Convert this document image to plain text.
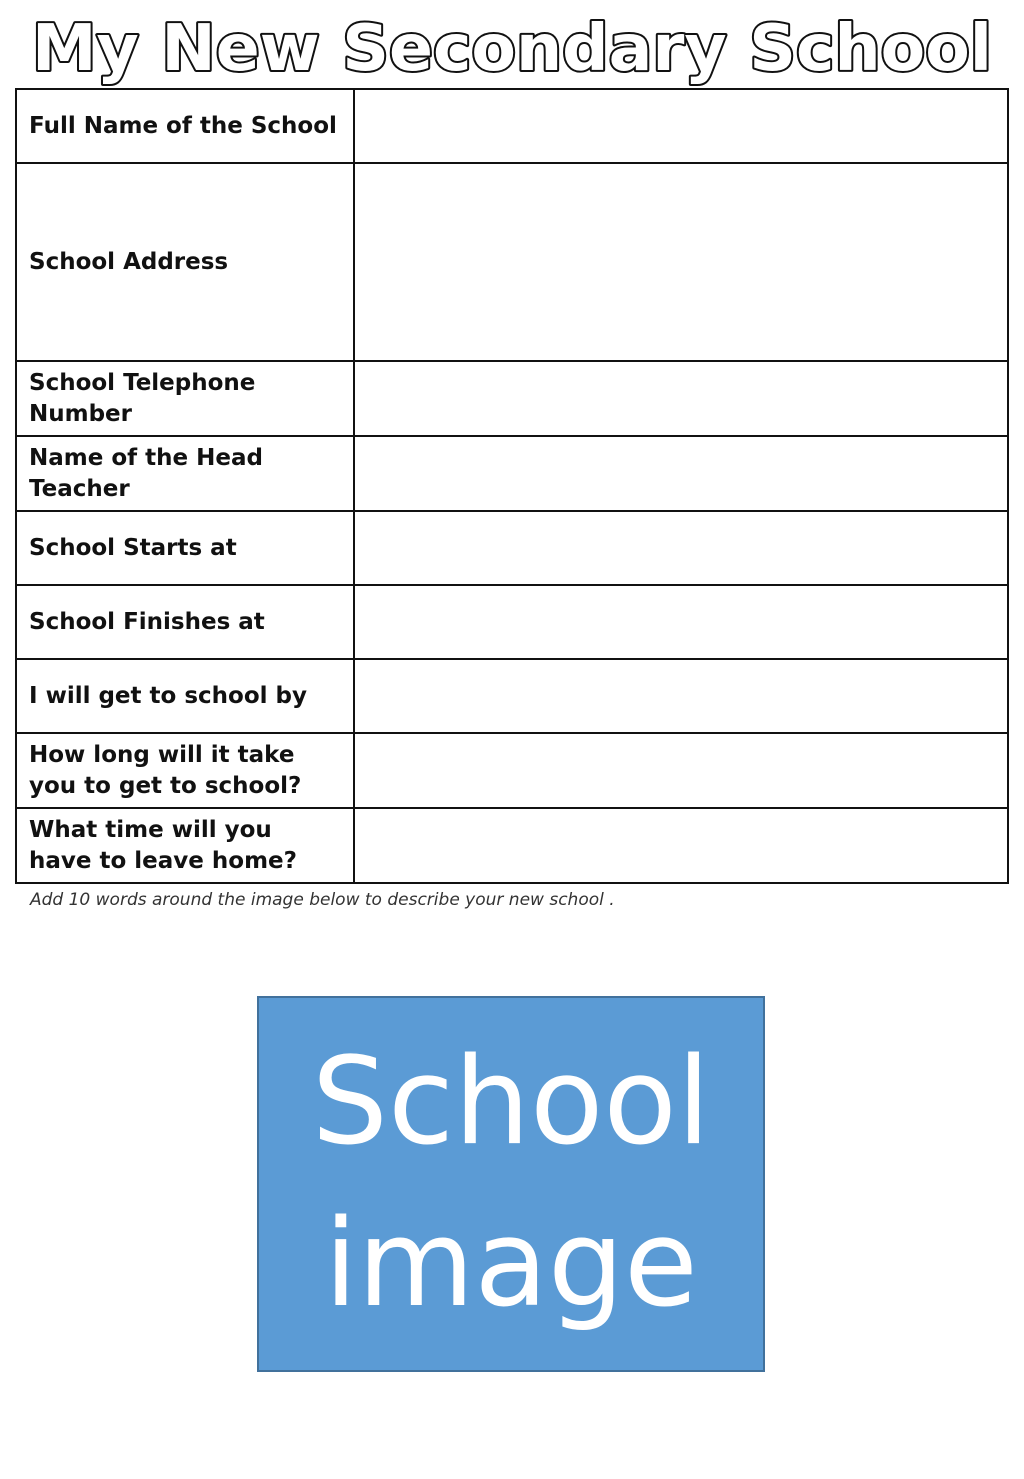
My New Secondary School
Full Name of the School	
School Address	
School Telephone Number	
Name of the Head Teacher	
School Starts at	
School Finishes at	
I will get to school by	
How long will it take you to get to school?	
What time will you have to leave home?	
Add 10 words around the image below to describe your new school .
School
image
